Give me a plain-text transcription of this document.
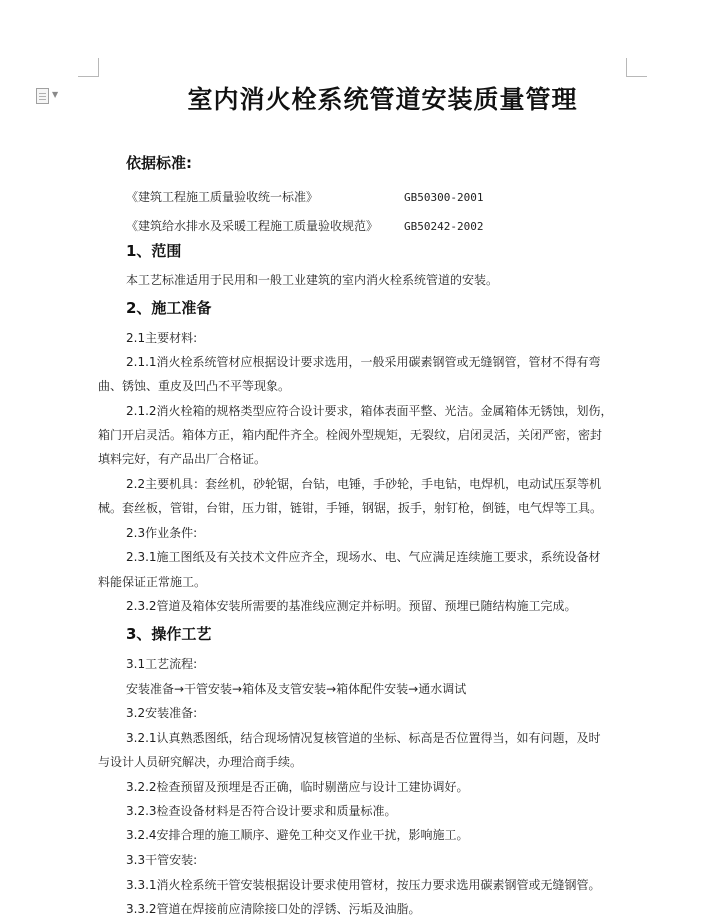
▼	室内消火栓系统管道安装质量管理
依据标准:
《建筑工程施工质量验收统一标准》	GB50300-2001
《建筑给水排水及采暖工程施工质量验收规范》 GB50242-2002
1、范围
本工艺标准适用于民用和一般工业建筑的室内消火栓系统管道的安装。
2、施工准备
2.1主要材料:
2.1.1消火栓系统管材应根据设计要求选用，一般采用碳素钢管或无缝钢管，管材不得有弯
曲、锈蚀、重皮及凹凸不平等现象。
2.1.2消火栓箱的规格类型应符合设计要求，箱体表面平整、光洁。金属箱体无锈蚀，划伤，
箱门开启灵活。箱体方正，箱内配件齐全。栓阀外型规矩，无裂纹，启闭灵活，关闭严密，密封
填料完好，有产品出厂合格证。
2.2主要机具：套丝机，砂轮锯，台钻，电锤，手砂轮，手电钻，电焊机，电动试压泵等机
械。套丝板，管钳，台钳，压力钳，链钳，手锤，钢锯，扳手，射钉枪，倒链，电气焊等工具。
2.3作业条件:
2.3.1施工图纸及有关技术文件应齐全，现场水、电、气应满足连续施工要求，系统设备材
料能保证正常施工。
2.3.2管道及箱体安装所需要的基准线应测定并标明。预留、预埋已随结构施工完成。
3、操作工艺
3.1工艺流程:
安装准备→干管安装→箱体及支管安装→箱体配件安装→通水调试
3.2安装准备:
3.2.1认真熟悉图纸，结合现场情况复核管道的坐标、标高是否位置得当，如有问题，及时
与设计人员研究解决，办理洽商手续。
3.2.2检查预留及预埋是否正确，临时剔凿应与设计工建协调好。
3.2.3检查设备材料是否符合设计要求和质量标准。
3.2.4安排合理的施工顺序、避免工种交叉作业干扰，影响施工。
3.3干管安装:
3.3.1消火栓系统干管安装根据设计要求使用管材，按压力要求选用碳素钢管或无缝钢管。
3.3.2管道在焊接前应清除接口处的浮锈、污垢及油脂。
